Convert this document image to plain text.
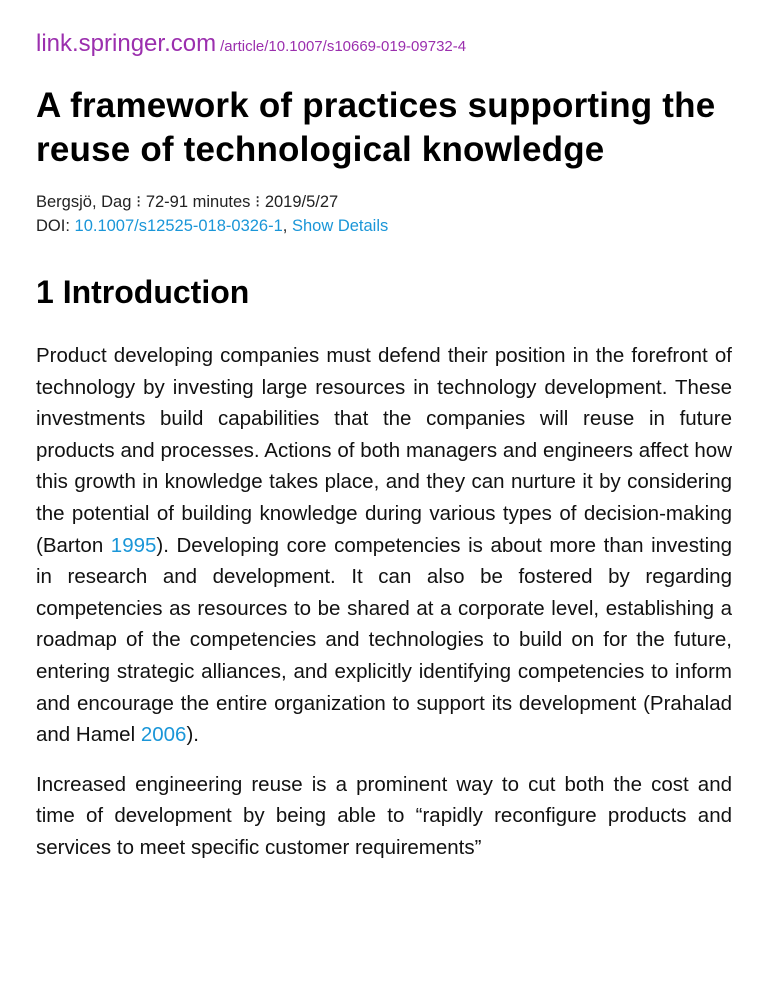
link.springer.com /article/10.1007/s10669-019-09732-4
A framework of practices supporting the reuse of technological knowledge
Bergsjö, Dag ⁝ 72-91 minutes ⁝ 2019/5/27
DOI: 10.1007/s12525-018-0326-1, Show Details
1 Introduction

Product developing companies must defend their position in the forefront of technology by investing large resources in technology development. These investments build capabilities that the companies will reuse in future products and processes. Actions of both managers and engineers affect how this growth in knowledge takes place, and they can nurture it by considering the potential of building knowledge during various types of decision-making (Barton 1995). Developing core competencies is about more than investing in research and development. It can also be fostered by regarding competencies as resources to be shared at a corporate level, establishing a roadmap of the competencies and technologies to build on for the future, entering strategic alliances, and explicitly identifying competencies to inform and encourage the entire organization to support its development (Prahalad and Hamel 2006).

Increased engineering reuse is a prominent way to cut both the cost and time of development by being able to “rapidly reconfigure products and services to meet specific customer requirements”
